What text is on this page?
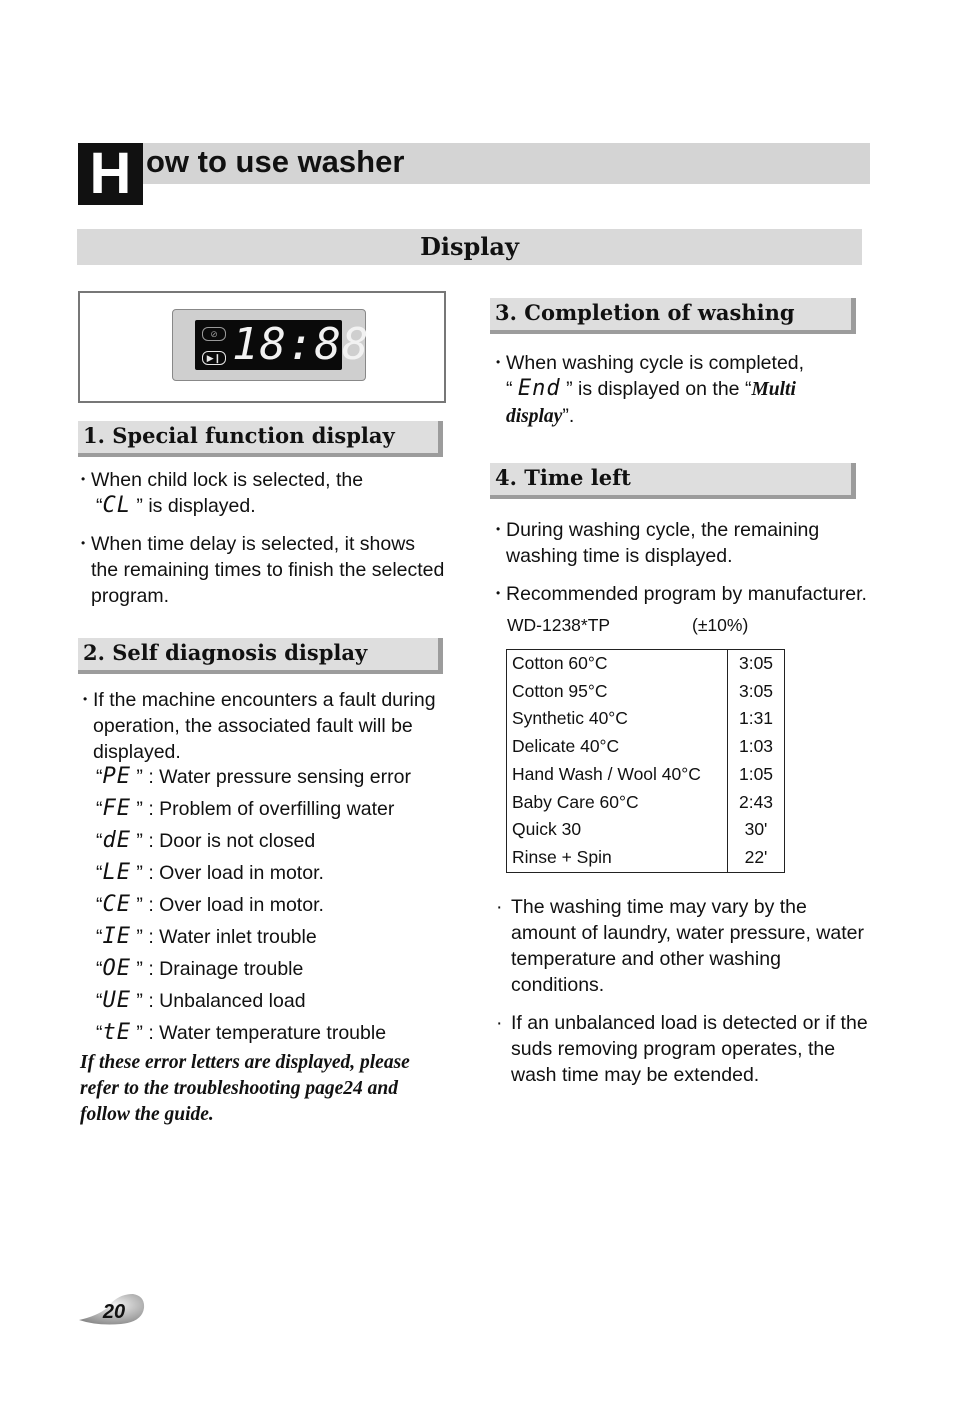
H ow to use washer
Display
⊘
▶❙ 18:88
1. Special function display
• When child lock is selected, the
“CL ” is displayed.
• When time delay is selected, it shows the remaining times to finish the selected program.
2. Self diagnosis display
• If the machine encounters a fault during operation, the associated fault will be displayed.
“PE ” : Water pressure sensing error
“FE ” : Problem of overfilling water
“dE ” : Door is not closed
“LE ” : Over load in motor.
“CE ” : Over load in motor.
“IE ” : Water inlet trouble
“OE ” : Drainage trouble
“UE ” : Unbalanced load
“tE ” : Water temperature trouble
If these error letters are displayed, please refer to the troubleshooting page24 and follow the guide.
3. Completion of washing
• When washing cycle is completed,
“ End ” is displayed on the “Multi display”.
4. Time left
• During washing cycle, the remaining washing time is displayed.
• Recommended program by manufacturer.
WD-1238*TP	(±10%)
Cotton 60°C	3:05
Cotton 95°C	3:05
Synthetic 40°C	1:31
Delicate 40°C	1:03
Hand Wash / Wool 40°C	1:05
Baby Care 60°C	2:43
Quick 30	30'
Rinse + Spin	22'
· The washing time may vary by the amount of laundry, water pressure, water temperature and other washing conditions.
· If an unbalanced load is detected or if the suds removing program operates, the wash time may be extended.
20
